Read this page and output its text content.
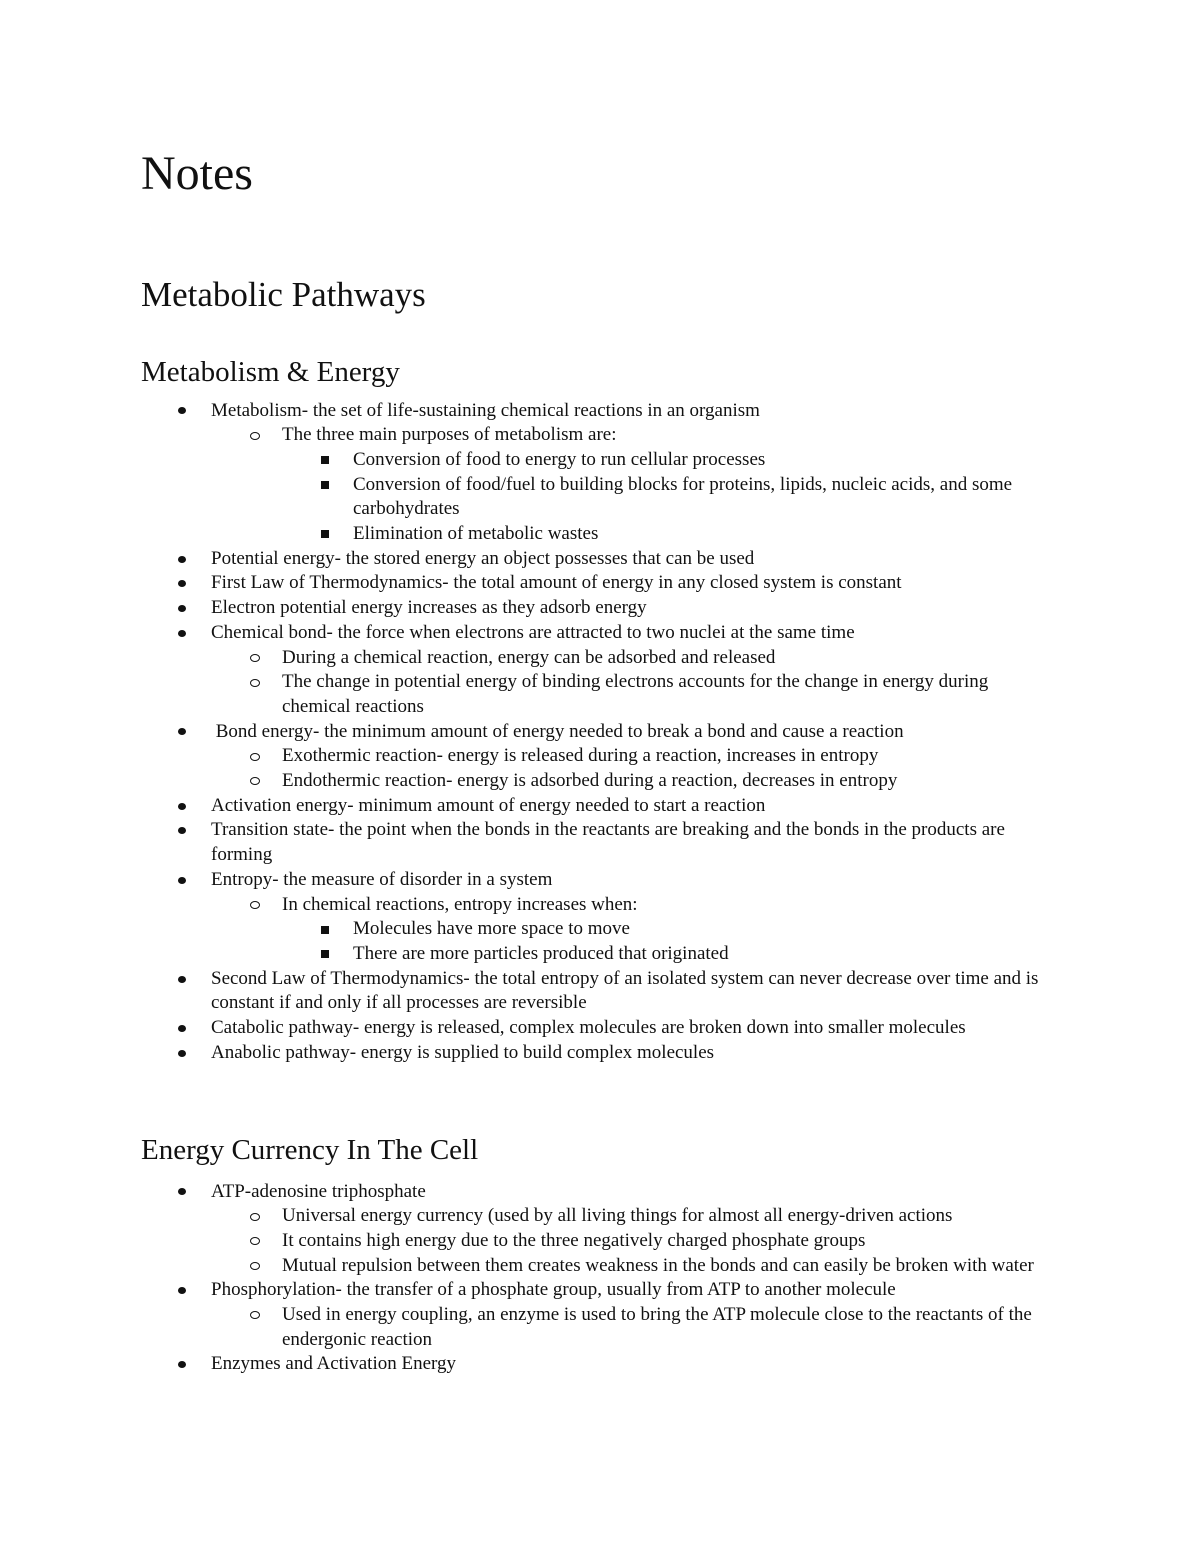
Notes
Metabolic Pathways
Metabolism & Energy
Metabolism- the set of life-sustaining chemical reactions in an organism
The three main purposes of metabolism are:
Conversion of food to energy to run cellular processes
Conversion of food/fuel to building blocks for proteins, lipids, nucleic acids, and some carbohydrates
Elimination of metabolic wastes
Potential energy- the stored energy an object possesses that can be used
First Law of Thermodynamics- the total amount of energy in any closed system is constant
Electron potential energy increases as they adsorb energy
Chemical bond- the force when electrons are attracted to two nuclei at the same time
During a chemical reaction, energy can be adsorbed and released
The change in potential energy of binding electrons accounts for the change in energy during chemical reactions
Bond energy- the minimum amount of energy needed to break a bond and cause a reaction
Exothermic reaction- energy is released during a reaction, increases in entropy
Endothermic reaction- energy is adsorbed during a reaction, decreases in entropy
Activation energy- minimum amount of energy needed to start a reaction
Transition state- the point when the bonds in the reactants are breaking and the bonds in the products are forming
Entropy- the measure of disorder in a system
In chemical reactions, entropy increases when:
Molecules have more space to move
There are more particles produced that originated
Second Law of Thermodynamics- the total entropy of an isolated system can never decrease over time and is constant if and only if all processes are reversible
Catabolic pathway- energy is released, complex molecules are broken down into smaller molecules
Anabolic pathway- energy is supplied to build complex molecules
Energy Currency In The Cell
ATP-adenosine triphosphate
Universal energy currency (used by all living things for almost all energy-driven actions
It contains high energy due to the three negatively charged phosphate groups
Mutual repulsion between them creates weakness in the bonds and can easily be broken with water
Phosphorylation- the transfer of a phosphate group, usually from ATP to another molecule
Used in energy coupling, an enzyme is used to bring the ATP molecule close to the reactants of the endergonic reaction
Enzymes and Activation Energy
